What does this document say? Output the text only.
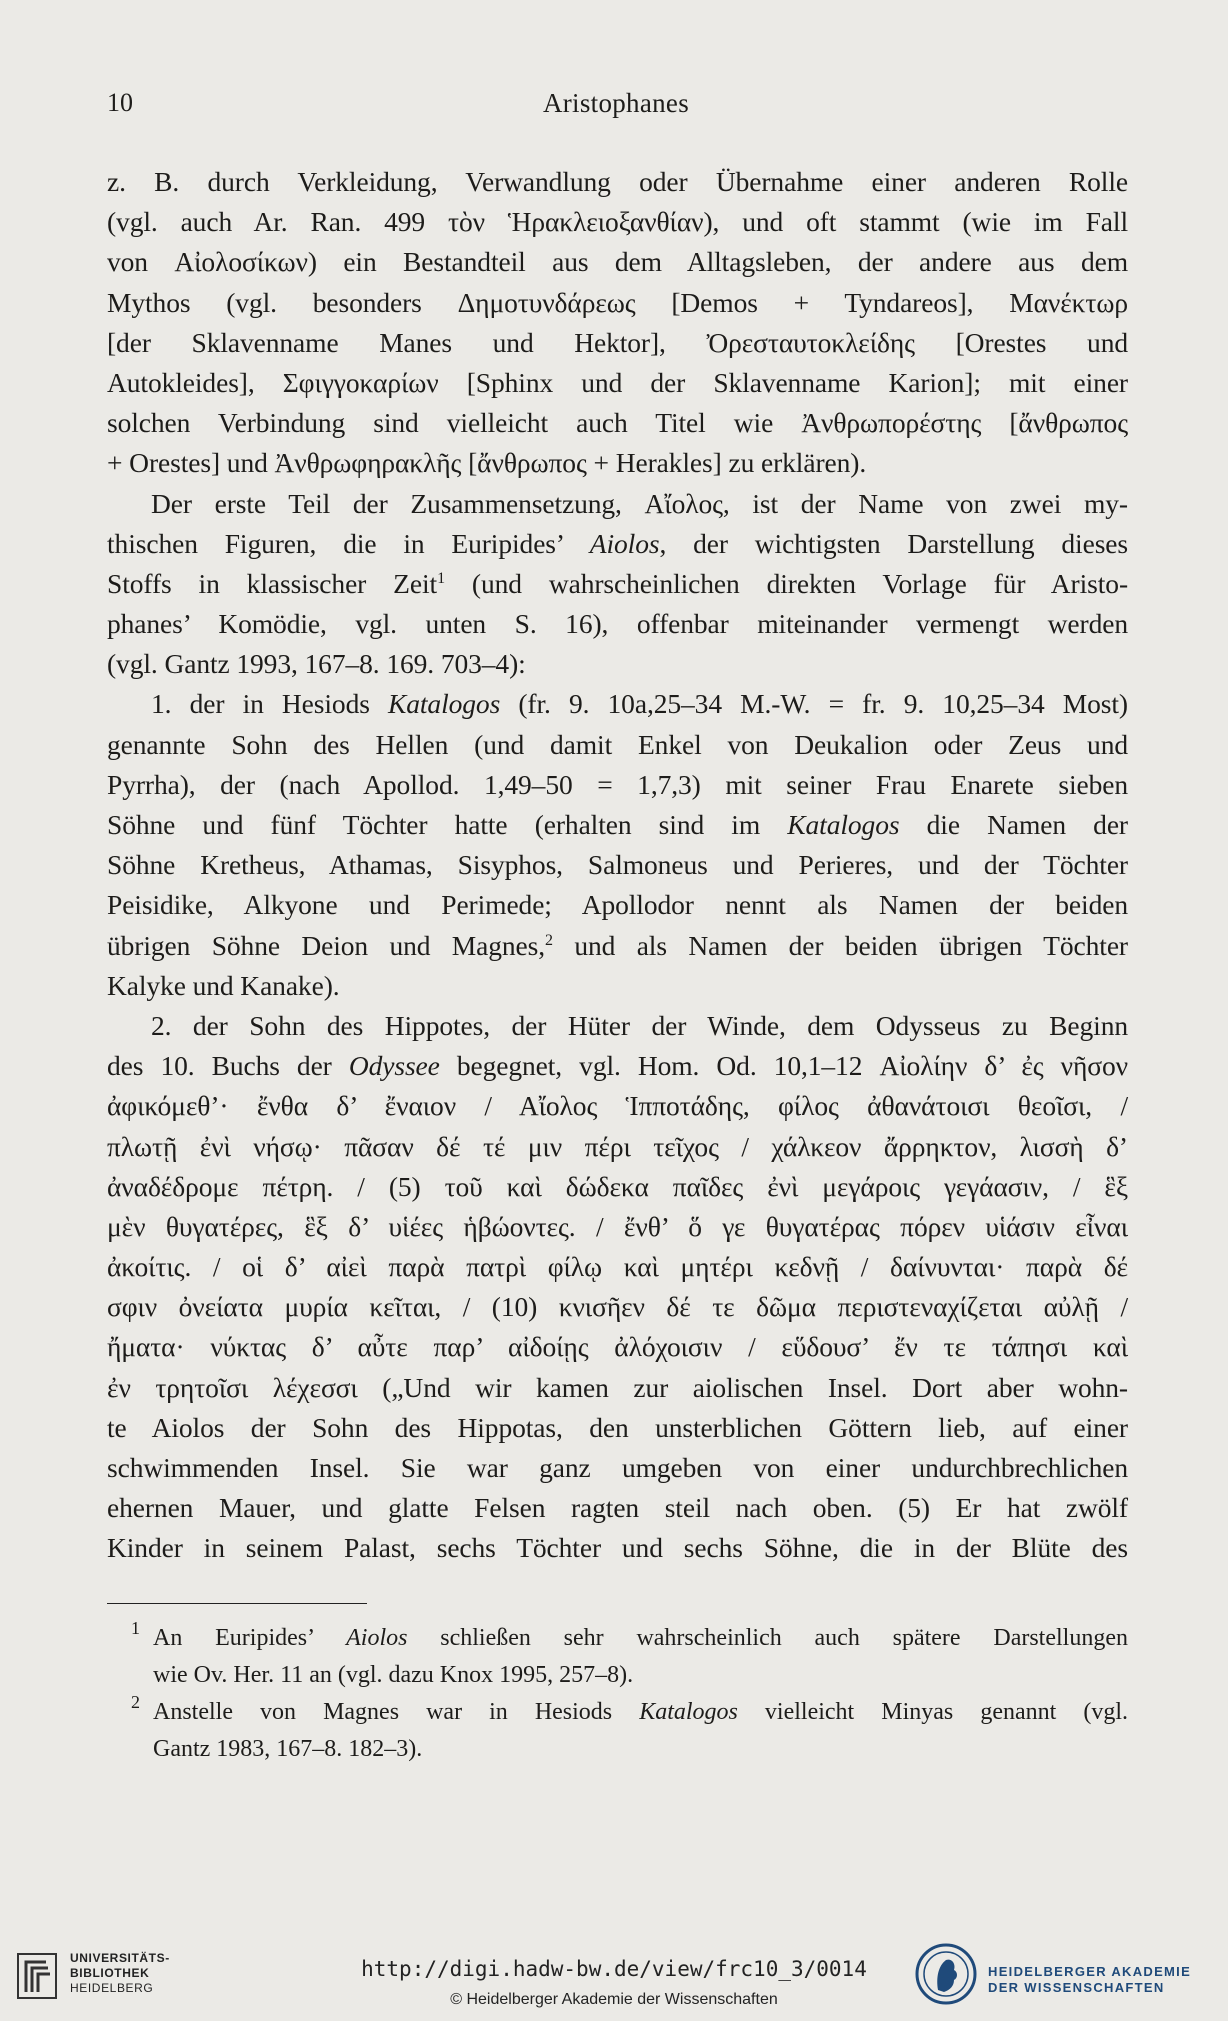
10	Aristophanes
z. B. durch Verkleidung, Verwandlung oder Übernahme einer anderen Rolle
(vgl. auch Ar. Ran. 499 τὸν Ἡρακλειοξανθίαν), und oft stammt (wie im Fall
von Αἰολοσίκων) ein Bestandteil aus dem Alltagsleben, der andere aus dem
Mythos (vgl. besonders Δημοτυνδάρεως [Demos + Tyndareos], Μανέκτωρ
[der Sklavenname Manes und Hektor], Ὀρεσταυτοκλείδης [Orestes und
Autokleides], Σφιγγοκαρίων [Sphinx und der Sklavenname Karion]; mit einer
solchen Verbindung sind vielleicht auch Titel wie Ἀνθρωπορέστης [ἄνθρωπος
+ Orestes] und Ἀνθρωφηρακλῆς [ἄνθρωπος + Herakles] zu erklären).
Der erste Teil der Zusammensetzung, Αἴολος, ist der Name von zwei my-
thischen Figuren, die in Euripides’ Aiolos, der wichtigsten Darstellung dieses
Stoffs in klassischer Zeit$^1$ (und wahrscheinlichen direkten Vorlage für Aristo-
phanes’ Komödie, vgl. unten S. 16), offenbar miteinander vermengt werden
(vgl. Gantz 1993, 167–8. 169. 703–4):
1. der in Hesiods Katalogos (fr. 9. 10a,25–34 M.-W. = fr. 9. 10,25–34 Most)
genannte Sohn des Hellen (und damit Enkel von Deukalion oder Zeus und
Pyrrha), der (nach Apollod. 1,49–50 = 1,7,3) mit seiner Frau Enarete sieben
Söhne und fünf Töchter hatte (erhalten sind im Katalogos die Namen der
Söhne Kretheus, Athamas, Sisyphos, Salmoneus und Perieres, und der Töchter
Peisidike, Alkyone und Perimede; Apollodor nennt als Namen der beiden
übrigen Söhne Deion und Magnes,$^2$ und als Namen der beiden übrigen Töchter
Kalyke und Kanake).
2. der Sohn des Hippotes, der Hüter der Winde, dem Odysseus zu Beginn
des 10. Buchs der Odyssee begegnet, vgl. Hom. Od. 10,1–12 Αἰολίην δ’ ἐς νῆσον
ἀφικόμεθ’· ἔνθα δ’ ἔναιον / Αἴολος Ἱπποτάδης, φίλος ἀθανάτοισι θεοῖσι, /
πλωτῇ ἐνὶ νήσῳ· πᾶσαν δέ τέ μιν πέρι τεῖχος / χάλκεον ἄρρηκτον, λισσὴ δ’
ἀναδέδρομε πέτρη. / (5) τοῦ καὶ δώδεκα παῖδες ἐνὶ μεγάροις γεγάασιν, / ἓξ
μὲν θυγατέρες, ἓξ δ’ υἱέες ἡβώοντες. / ἔνθ’ ὅ γε θυγατέρας πόρεν υἱάσιν εἶναι
ἀκοίτις. / οἱ δ’ αἰεὶ παρὰ πατρὶ φίλῳ καὶ μητέρι κεδνῇ / δαίνυνται· παρὰ δέ
σφιν ὀνείατα μυρία κεῖται, / (10) κνισῆεν δέ τε δῶμα περιστεναχίζεται αὐλῇ /
ἤματα· νύκτας δ’ αὖτε παρ’ αἰδοίῃς ἀλόχοισιν / εὕδουσ’ ἔν τε τάπησι καὶ
ἐν τρητοῖσι λέχεσσι („Und wir kamen zur aiolischen Insel. Dort aber wohn-
te Aiolos der Sohn des Hippotas, den unsterblichen Göttern lieb, auf einer
schwimmenden Insel. Sie war ganz umgeben von einer undurchbrechlichen
ehernen Mauer, und glatte Felsen ragten steil nach oben. (5) Er hat zwölf
Kinder in seinem Palast, sechs Töchter und sechs Söhne, die in der Blüte des
1 An Euripides’ Aiolos schließen sehr wahrscheinlich auch spätere Darstellungen
wie Ov. Her. 11 an (vgl. dazu Knox 1995, 257–8).
2 Anstelle von Magnes war in Hesiods Katalogos vielleicht Minyas genannt (vgl.
Gantz 1983, 167–8. 182–3).
UNIVERSITÄTS-
BIBLIOTHEK
HEIDELBERG
http://digi.hadw-bw.de/view/frc10_3/0014
© Heidelberger Akademie der Wissenschaften
HEIDELBERGER AKADEMIE
DER WISSENSCHAFTEN
